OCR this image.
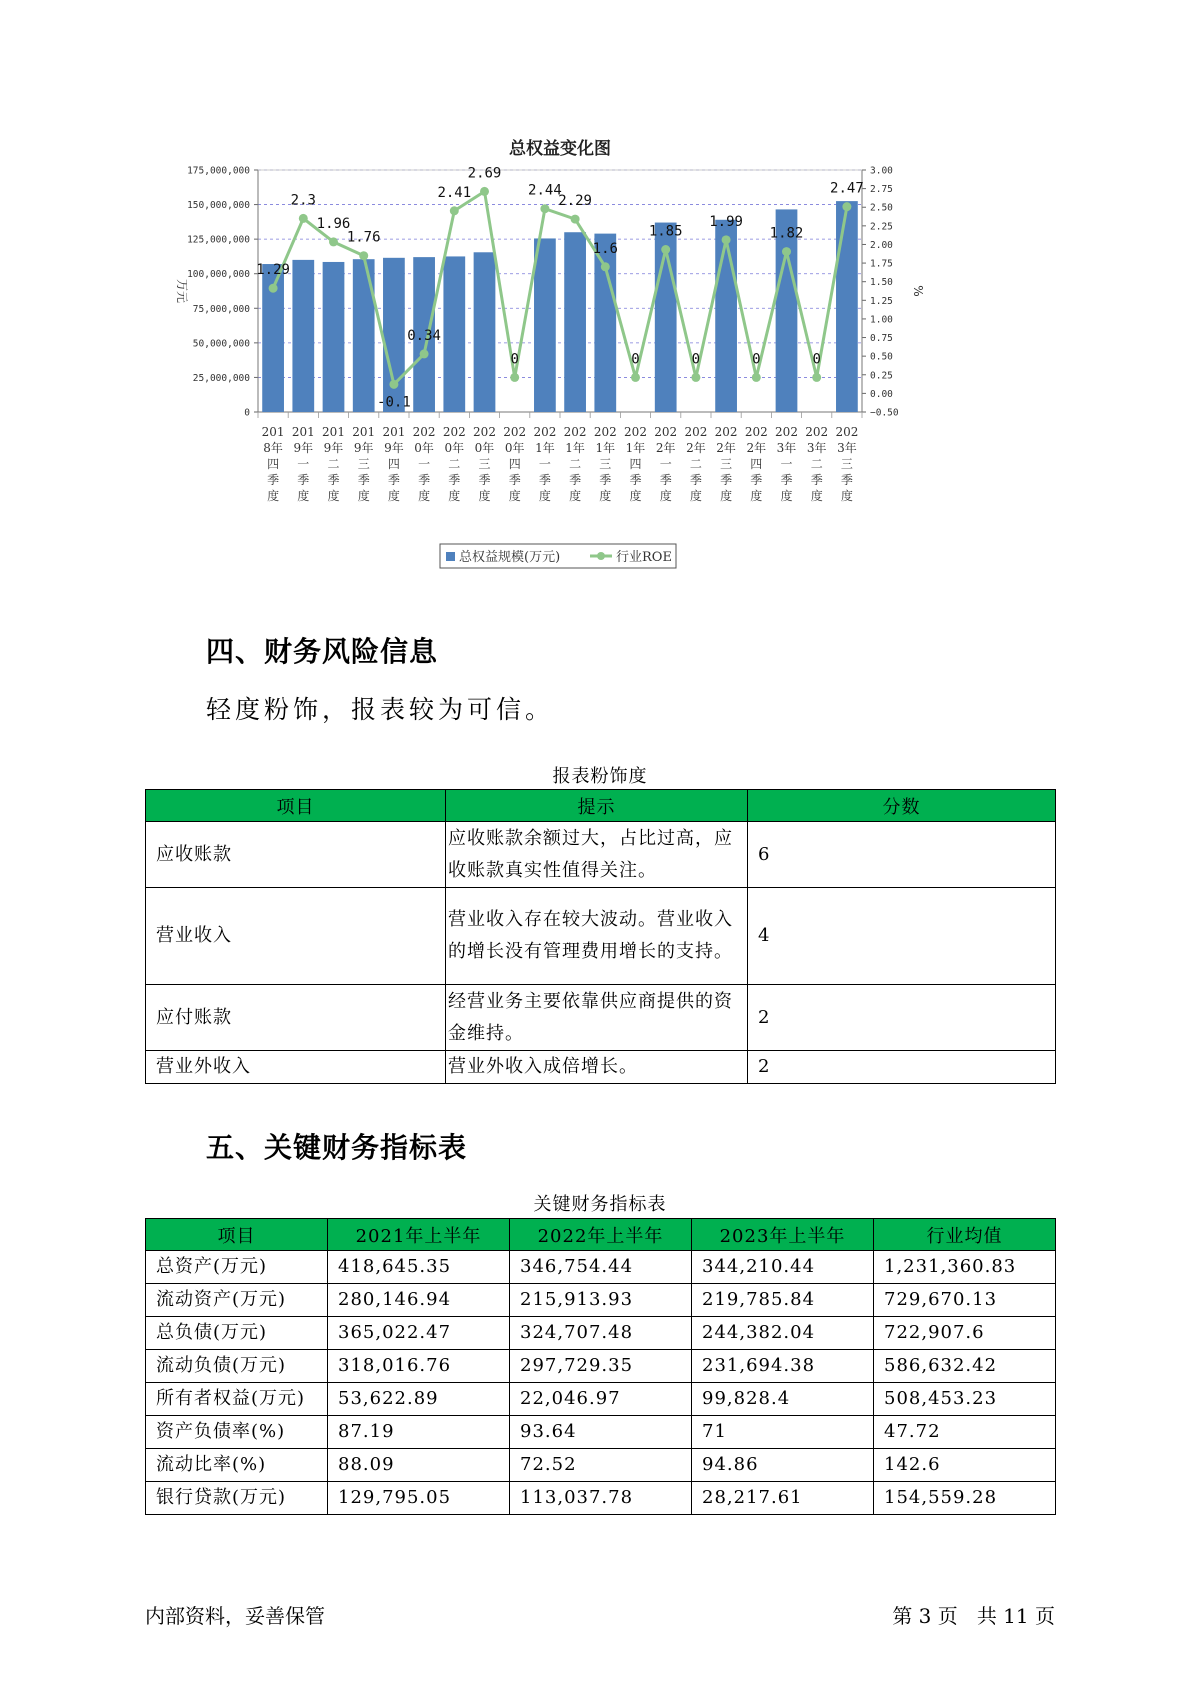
总权益变化图
0
25,000,000
50,000,000
75,000,000
100,000,000
125,000,000
150,000,000
175,000,000
−0.50
0.00
0.25
0.50
0.75
1.00
1.25
1.50
1.75
2.00
2.25
2.50
2.75
3.00
万元	%
201 8年四季度
201 9年一季度
201 9年二季度
201 9年三季度
201 9年四季度
202 0年一季度
202 0年二季度
202 0年三季度
202 0年四季度
202 1年一季度
202 1年二季度
202 1年三季度
202 1年四季度
202 2年一季度
202 2年二季度
202 2年三季度
202 2年四季度
202 3年一季度
202 3年二季度
202 3年三季度
1.29
2.3
1.96
1.76
-0.1
0.34
2.41
2.69
0
2.44
2.29
1.6
0
1.85
0
1.99
0
1.82
0
2.47
总权益规模(万元)	行业ROE
四、财务风险信息

轻度粉饰，报表较为可信。

报表粉饰度
项目	提示	分数
应收账款	应收账款余额过大，占比过高，应收账款真实性值得关注。	6
营业收入	营业收入存在较大波动。营业收入的增长没有管理费用增长的支持。	4
应付账款	经营业务主要依靠供应商提供的资金维持。	2
营业外收入	营业外收入成倍增长。	2
五、关键财务指标表
关键财务指标表
项目	2021年上半年	2022年上半年	2023年上半年	行业均值
总资产(万元)	418,645.35	346,754.44	344,210.44	1,231,360.83
流动资产(万元)	280,146.94	215,913.93	219,785.84	729,670.13
总负债(万元)	365,022.47	324,707.48	244,382.04	722,907.6
流动负债(万元)	318,016.76	297,729.35	231,694.38	586,632.42
所有者权益(万元)	53,622.89	22,046.97	99,828.4	508,453.23
资产负债率(%)	87.19	93.64	71	47.72
流动比率(%)	88.09	72.52	94.86	142.6
银行贷款(万元)	129,795.05	113,037.78	28,217.61	154,559.28
内部资料，妥善保管	第 3 页   共 11 页
